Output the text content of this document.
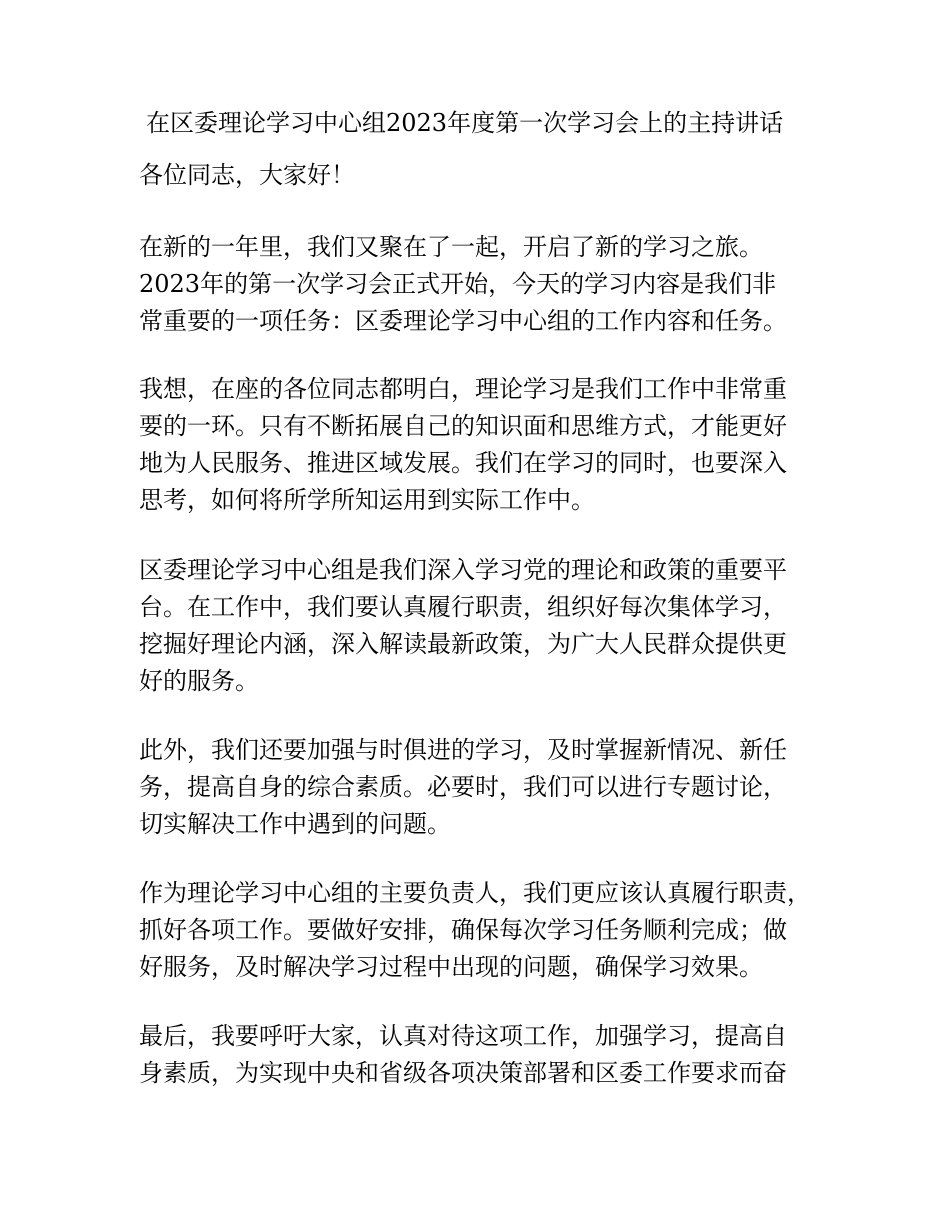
在区委理论学习中心组2023年度第一次学习会上的主持讲话
各位同志，大家好！
在新的一年里，我们又聚在了一起，开启了新的学习之旅。
2023年的第一次学习会正式开始，今天的学习内容是我们非
常重要的一项任务：区委理论学习中心组的工作内容和任务。
我想，在座的各位同志都明白，理论学习是我们工作中非常重
要的一环。只有不断拓展自己的知识面和思维方式，才能更好
地为人民服务、推进区域发展。我们在学习的同时，也要深入
思考，如何将所学所知运用到实际工作中。
区委理论学习中心组是我们深入学习党的理论和政策的重要平
台。在工作中，我们要认真履行职责，组织好每次集体学习，
挖掘好理论内涵，深入解读最新政策，为广大人民群众提供更
好的服务。
此外，我们还要加强与时俱进的学习，及时掌握新情况、新任
务，提高自身的综合素质。必要时，我们可以进行专题讨论，
切实解决工作中遇到的问题。
作为理论学习中心组的主要负责人，我们更应该认真履行职责，
抓好各项工作。要做好安排，确保每次学习任务顺利完成；做
好服务，及时解决学习过程中出现的问题，确保学习效果。
最后，我要呼吁大家，认真对待这项工作，加强学习，提高自
身素质，为实现中央和省级各项决策部署和区委工作要求而奋
